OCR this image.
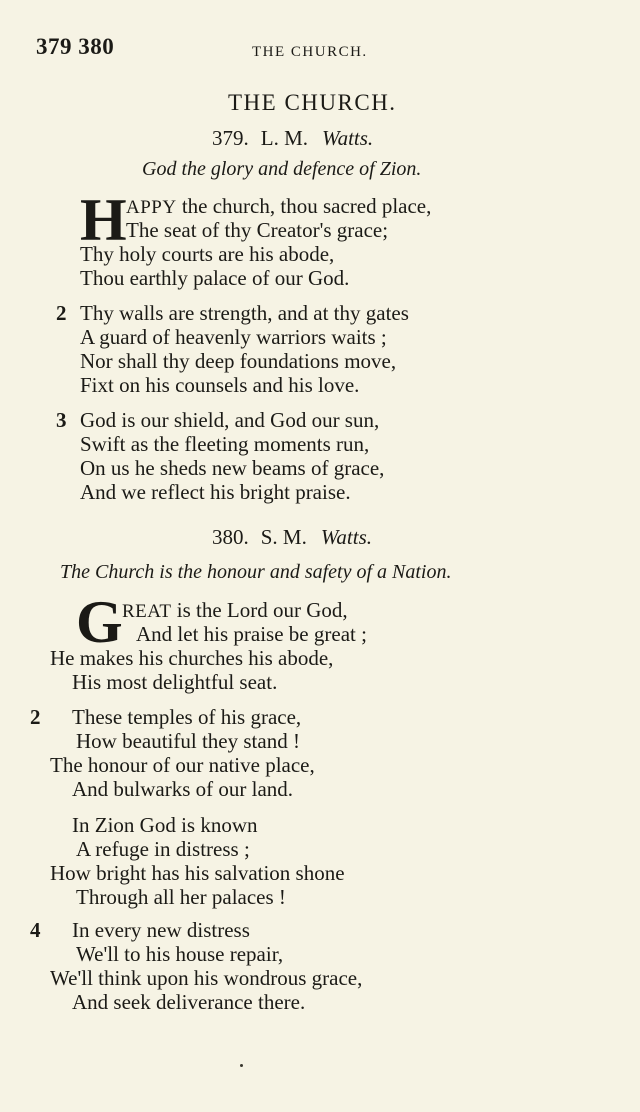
379 380	THE CHURCH.
THE CHURCH.
379. L. M. Watts.
God the glory and defence of Zion.
H APPY the church, thou sacred place,
The seat of thy Creator's grace;
Thy holy courts are his abode,
Thou earthly palace of our God.
2 Thy walls are strength, and at thy gates
A guard of heavenly warriors waits ;
Nor shall thy deep foundations move,
Fixt on his counsels and his love.
3 God is our shield, and God our sun,
Swift as the fleeting moments run,
On us he sheds new beams of grace,
And we reflect his bright praise.
380. S. M. Watts.
The Church is the honour and safety of a Nation.
G REAT is the Lord our God,
And let his praise be great ;
He makes his churches his abode,
His most delightful seat.
2 These temples of his grace,
How beautiful they stand !
The honour of our native place,
And bulwarks of our land.
In Zion God is known
A refuge in distress ;
How bright has his salvation shone
Through all her palaces !
4 In every new distress
We'll to his house repair,
We'll think upon his wondrous grace,
And seek deliverance there.
